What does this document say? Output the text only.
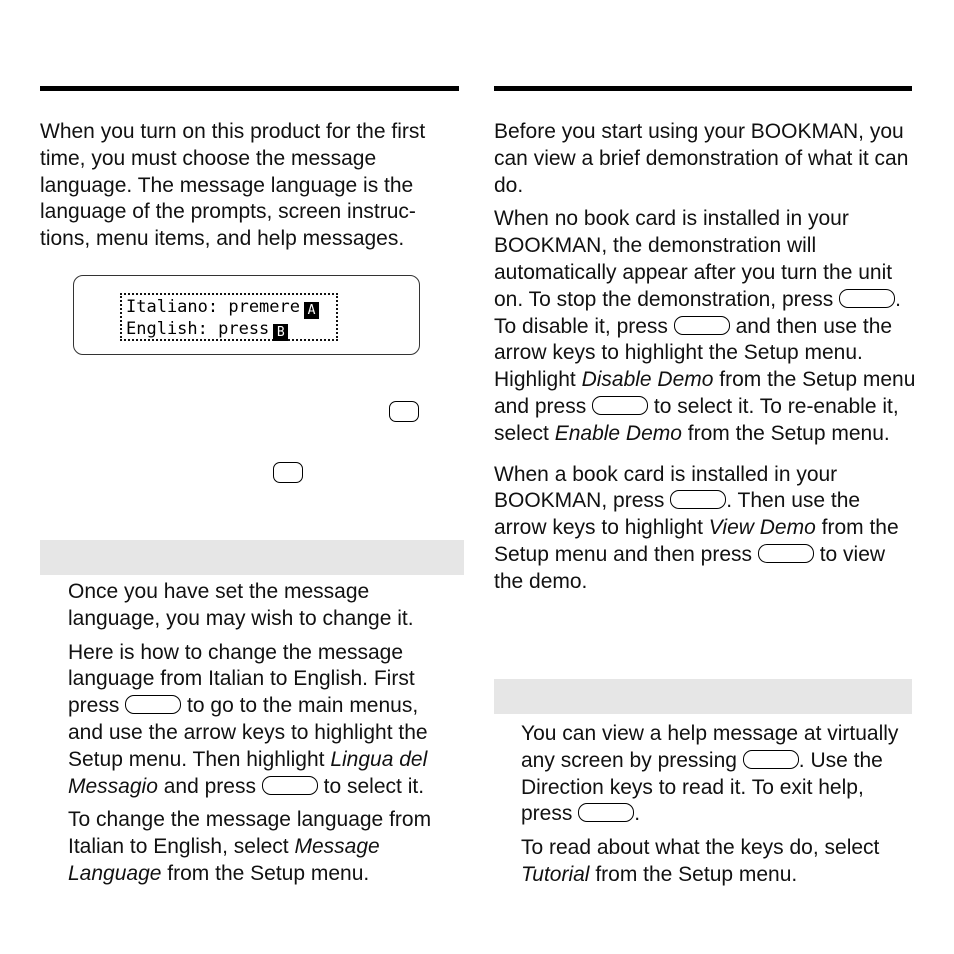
When you turn on this product for the first time, you must choose the message language. The message language is the language of the prompts, screen instruc-tions, menu items, and help messages.

Italiano: premere A
English: press B

Once you have set the message language, you may wish to change it.

Here is how to change the message language from Italian to English. First press	to go to the main menus, and use the arrow keys to highlight the Setup menu. Then highlight Lingua del Messagio and press	to select it.

To change the message language from Italian to English, select Message Language from the Setup menu.

Before you start using your BOOKMAN, you can view a brief demonstration of what it can do.

When no book card is installed in your BOOKMAN, the demonstration will automatically appear after you turn the unit on. To stop the demonstration, press	. To disable it, press	and then use the arrow keys to highlight the Setup menu. Highlight Disable Demo from the Setup menu and press	to select it. To re-enable it, select Enable Demo from the Setup menu.

When a book card is installed in your BOOKMAN, press	. Then use the arrow keys to highlight View Demo from the Setup menu and then press	to view the demo.

You can view a help message at virtually any screen by pressing	. Use the Direction keys to read it. To exit help, press	.

To read about what the keys do, select Tutorial from the Setup menu.
